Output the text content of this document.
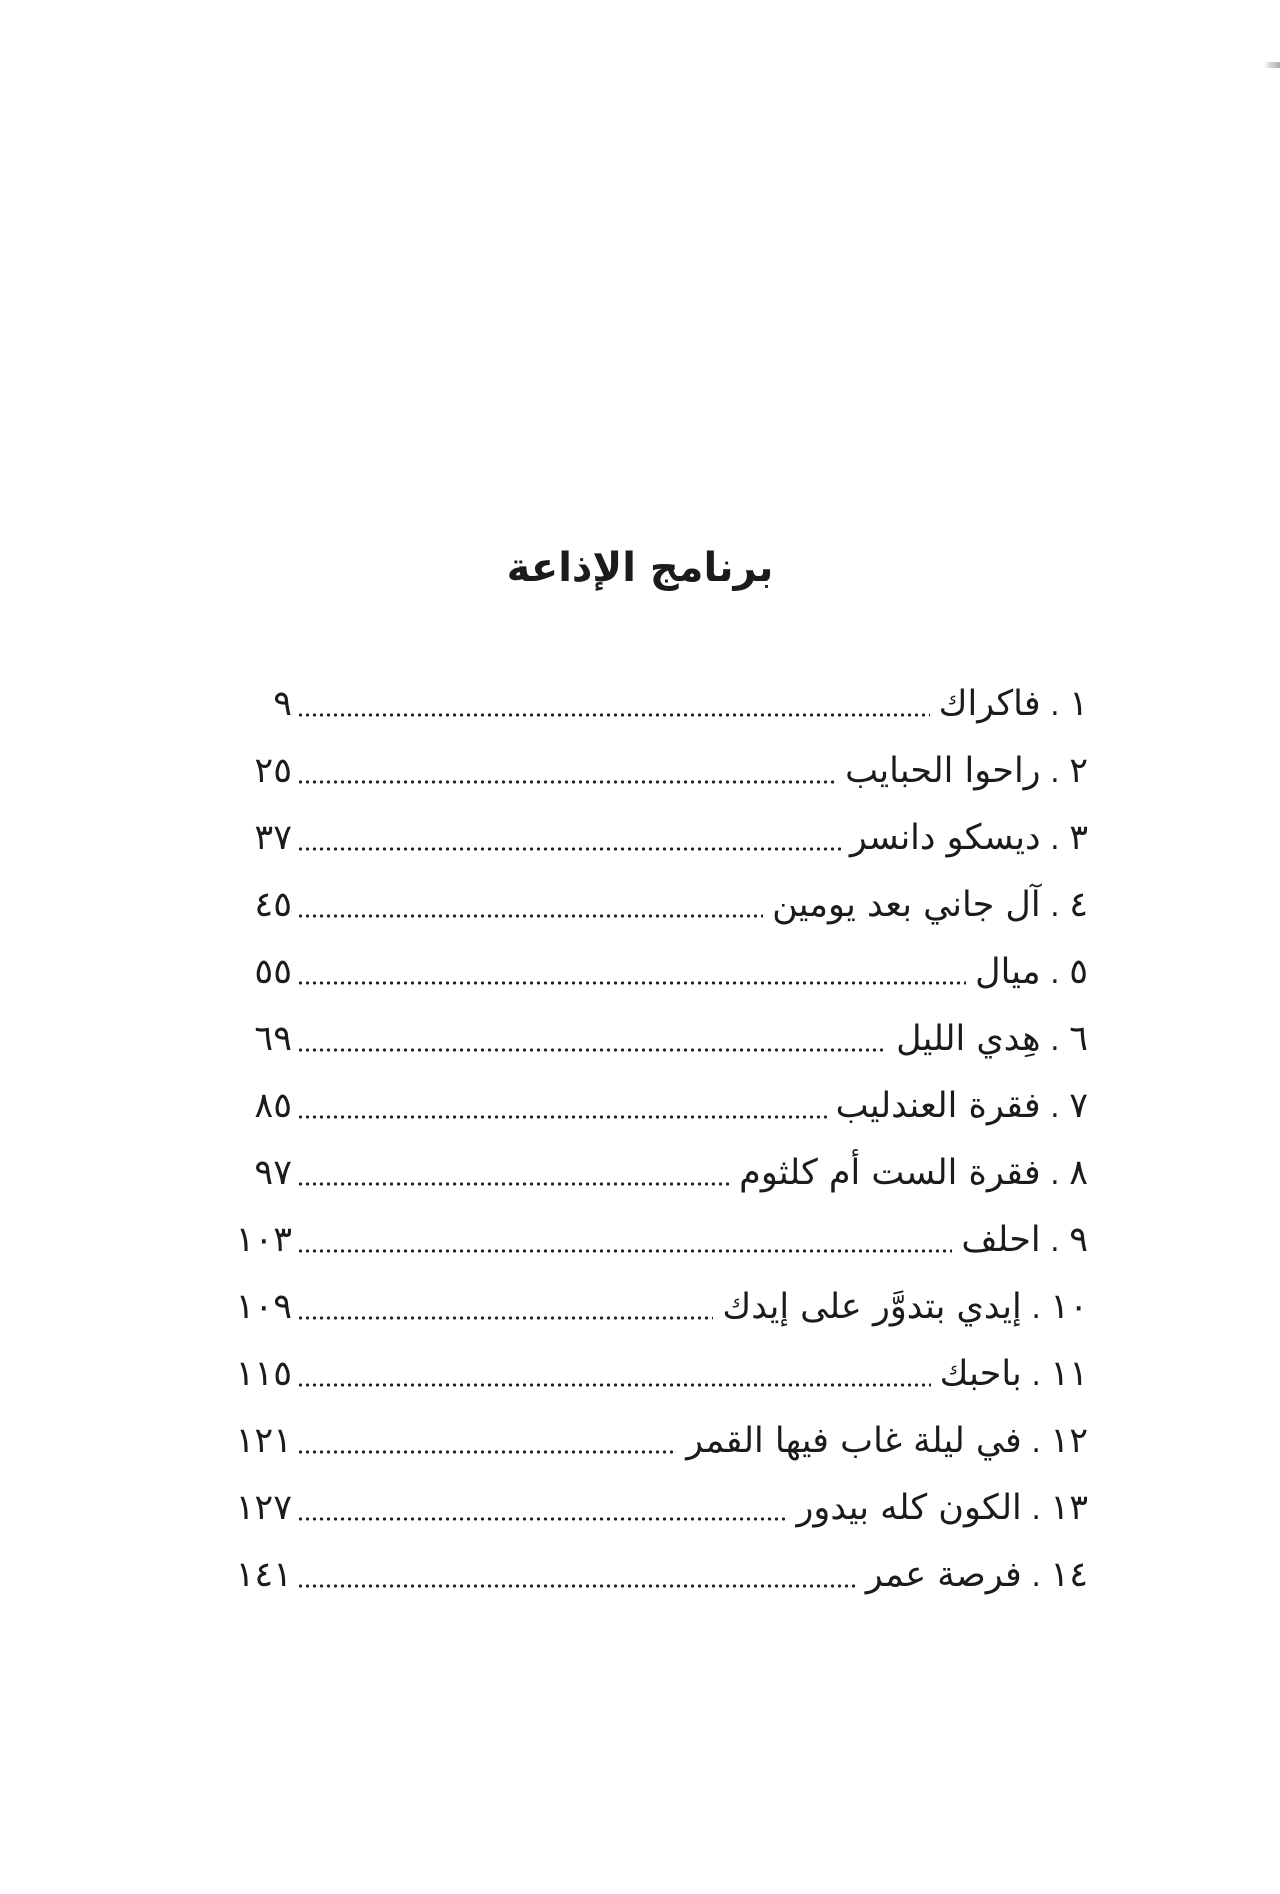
برنامج الإذاعة
١ . فاكراك
٩
٢ . راحوا الحبايب
٢٥
٣ . ديسكو دانسر
٣٧
٤ . آل جاني بعد يومين
٤٥
٥ . ميال
٥٥
٦ . هِدي الليل
٦٩
٧ . فقرة العندليب
٨٥
٨ . فقرة الست أم كلثوم
٩٧
٩ . احلف
١٠٣
١٠ . إيدي بتدوَّر على إيدك
١٠٩
١١ . باحبك
١١٥
١٢ . في ليلة غاب فيها القمر
١٢١
١٣ . الكون كله بيدور
١٢٧
١٤ . فرصة عمر
١٤١
